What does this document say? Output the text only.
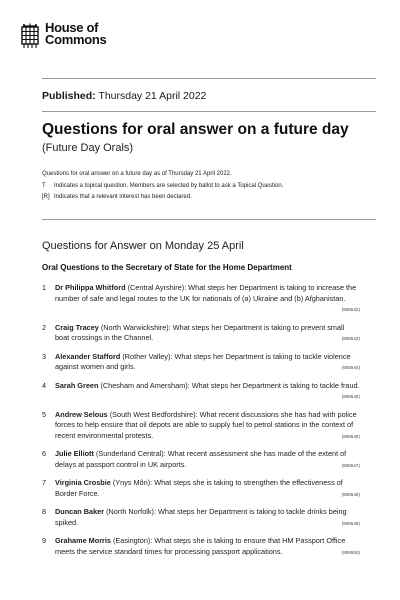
House of
Commons
Published: Thursday 21 April 2022
Questions for oral answer on a future day
(Future Day Orals)
Questions for oral answer on a future day as of Thursday 21 April 2022.
T	Indicates a topical question. Members are selected by ballot to ask a Topical Question.
[R] Indicates that a relevant interest has been declared.
Questions for Answer on Monday 25 April
Oral Questions to the Secretary of State for the Home Department
1	Dr Philippa Whitford (Central Ayrshire): What steps her Department is taking to increase the number of safe and legal routes to the UK for nationals of (a) Ukraine and (b) Afghanistan.
(906542)
2	Craig Tracey (North Warwickshire): What steps her Department is taking to prevent small boat crossings in the Channel.	(906543)
3	Alexander Stafford (Rother Valley): What steps her Department is taking to tackle violence against women and girls.	(906544)
4	Sarah Green (Chesham and Amersham): What steps her Department is taking to tackle fraud.
(906545)
5	Andrew Selous (South West Bedfordshire): What recent discussions she has had with police forces to help ensure that oil depots are able to supply fuel to petrol stations in the context of recent environmental protests.	(906546)
6	Julie Elliott (Sunderland Central): What recent assessment she has made of the extent of delays at passport control in UK airports.	(906547)
7	Virginia Crosbie (Ynys Môn): What steps she is taking to strengthen the effectiveness of Border Force.	(906548)
8	Duncan Baker (North Norfolk): What steps her Department is taking to tackle drinks being spiked.	(906549)
9	Grahame Morris (Easington): What steps she is taking to ensure that HM Passport Office meets the service standard times for processing passport applications.	(906550)
